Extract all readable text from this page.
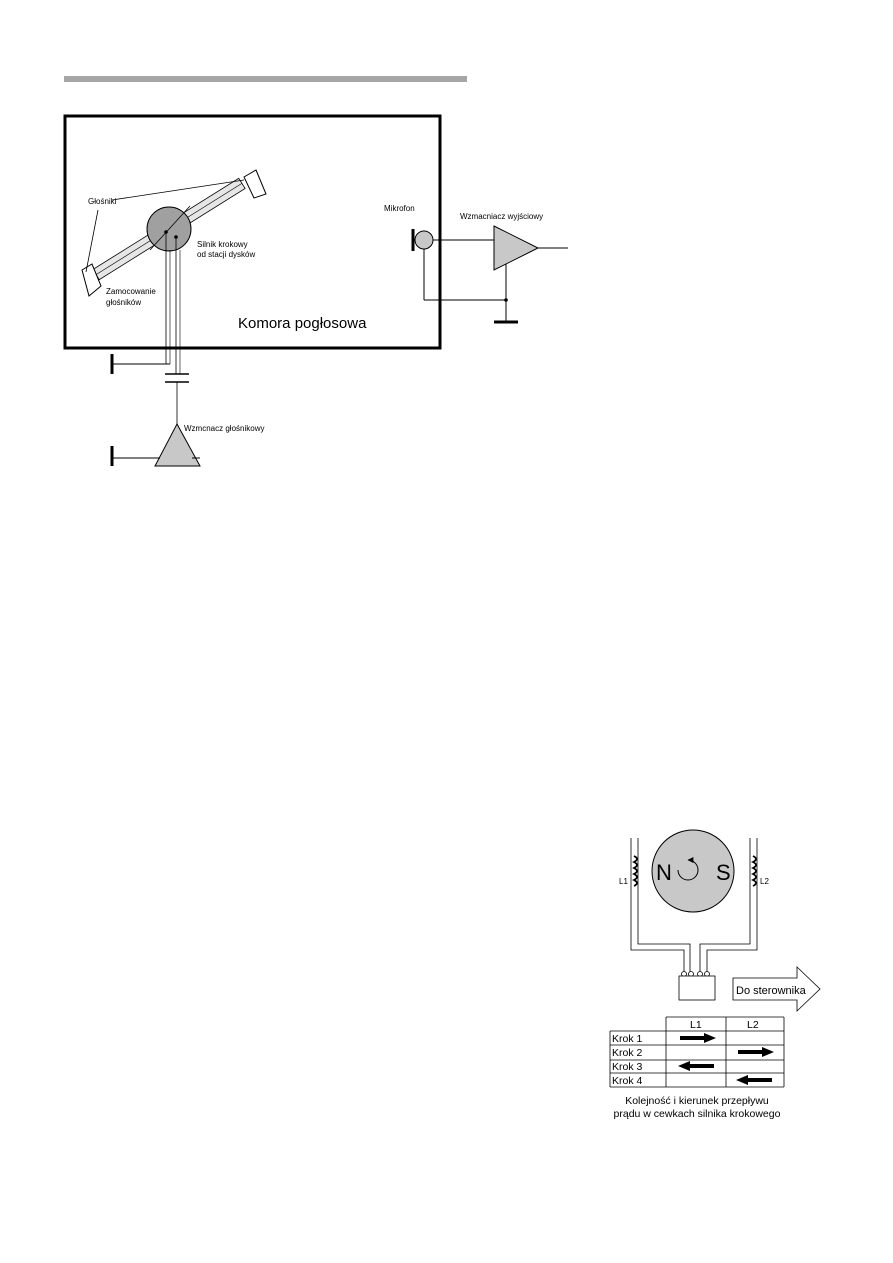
Głośniki
Silnik krokowy
od stacji dysków
Zamocowanie
głośników
Komora pogłosowa
Mikrofon
Wzmacniacz wyjściowy
Wzmcnacz głośnikowy
N S
L1	L2
Do sterownika
L1	L2
Krok 1
Krok 2
Krok 3
Krok 4
Kolejność i kierunek przepływu
prądu w cewkach silnika krokowego
